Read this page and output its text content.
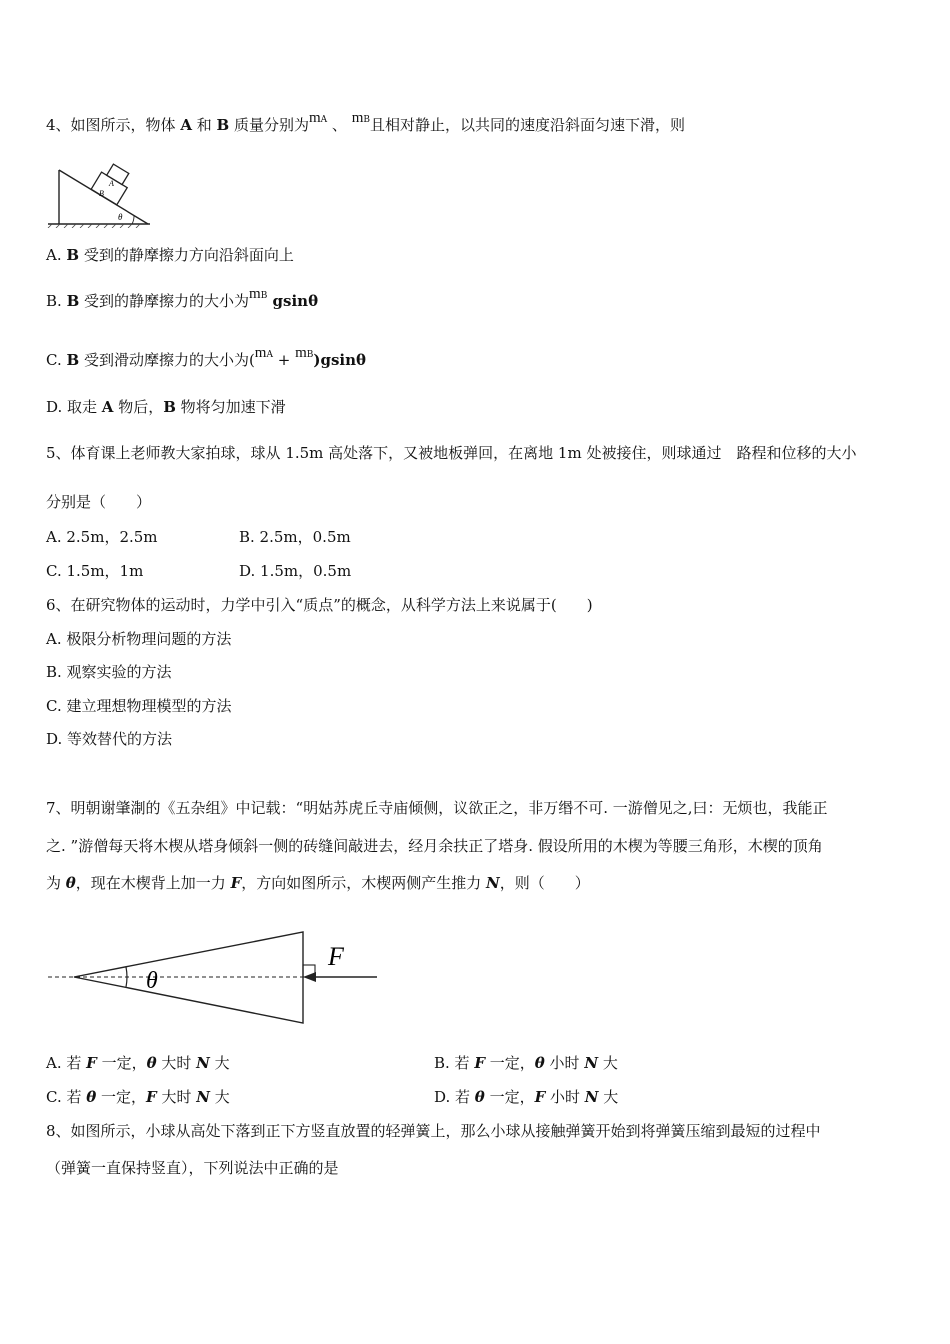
4、如图所示，物体 A 和 B 质量分别为mA 、 mB且相对静止，以共同的速度沿斜面匀速下滑，则
A
B
θ
A. B 受到的静摩擦力方向沿斜面向上
B. B 受到的静摩擦力的大小为mB gsinθ
C. B 受到滑动摩擦力的大小为(mA + mB)gsinθ
D. 取走 A 物后，B 物将匀加速下滑
5、体育课上老师教大家拍球，球从 1.5m 高处落下，又被地板弹回，在离地 1m 处被接住，则球通过　路程和位移的大小
分别是（　　）
A. 2.5m，2.5m	B. 2.5m，0.5m
C. 1.5m，1m	D. 1.5m，0.5m
6、在研究物体的运动时，力学中引入“质点”的概念，从科学方法上来说属于(　　)
A. 极限分析物理问题的方法
B. 观察实验的方法
C. 建立理想物理模型的方法
D. 等效替代的方法
7、明朝谢肇淛的《五杂组》中记载：“明姑苏虎丘寺庙倾侧，议欲正之，非万缗不可. 一游僧见之,曰：无烦也，我能正
之. ”游僧每天将木楔从塔身倾斜一侧的砖缝间敲进去，经月余扶正了塔身. 假设所用的木楔为等腰三角形，木楔的顶角
为 θ，现在木楔背上加一力 F，方向如图所示，木楔两侧产生推力 N，则（　　）
θ
F
A. 若 F 一定，θ 大时 N 大	B. 若 F 一定，θ 小时 N 大
C. 若 θ 一定，F 大时 N 大	D. 若 θ 一定，F 小时 N 大
8、如图所示，小球从高处下落到正下方竖直放置的轻弹簧上，那么小球从接触弹簧开始到将弹簧压缩到最短的过程中
（弹簧一直保持竖直），下列说法中正确的是
